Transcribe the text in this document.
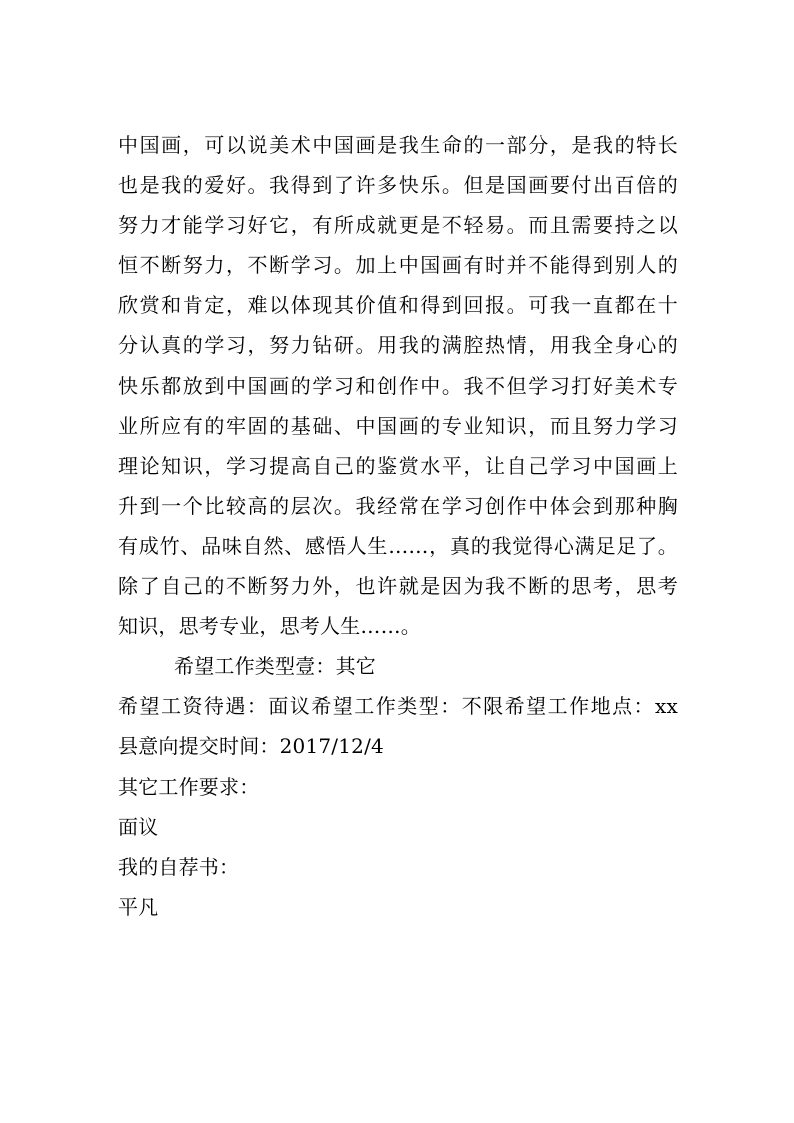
中国画，可以说美术中国画是我生命的一部分，是我的特长
也是我的爱好。我得到了许多快乐。但是国画要付出百倍的
努力才能学习好它，有所成就更是不轻易。而且需要持之以
恒不断努力，不断学习。加上中国画有时并不能得到别人的
欣赏和肯定，难以体现其价值和得到回报。可我一直都在十
分认真的学习，努力钻研。用我的满腔热情，用我全身心的
快乐都放到中国画的学习和创作中。我不但学习打好美术专
业所应有的牢固的基础、中国画的专业知识，而且努力学习
理论知识，学习提高自己的鉴赏水平，让自己学习中国画上
升到一个比较高的层次。我经常在学习创作中体会到那种胸
有成竹、品味自然、感悟人生……，真的我觉得心满足足了。
除了自己的不断努力外，也许就是因为我不断的思考，思考
知识，思考专业，思考人生……。
希望工作类型壹：其它
希望工资待遇：面议希望工作类型：不限希望工作地点：xx
县意向提交时间：2017/12/4
其它工作要求：
面议
我的自荐书：
平凡
